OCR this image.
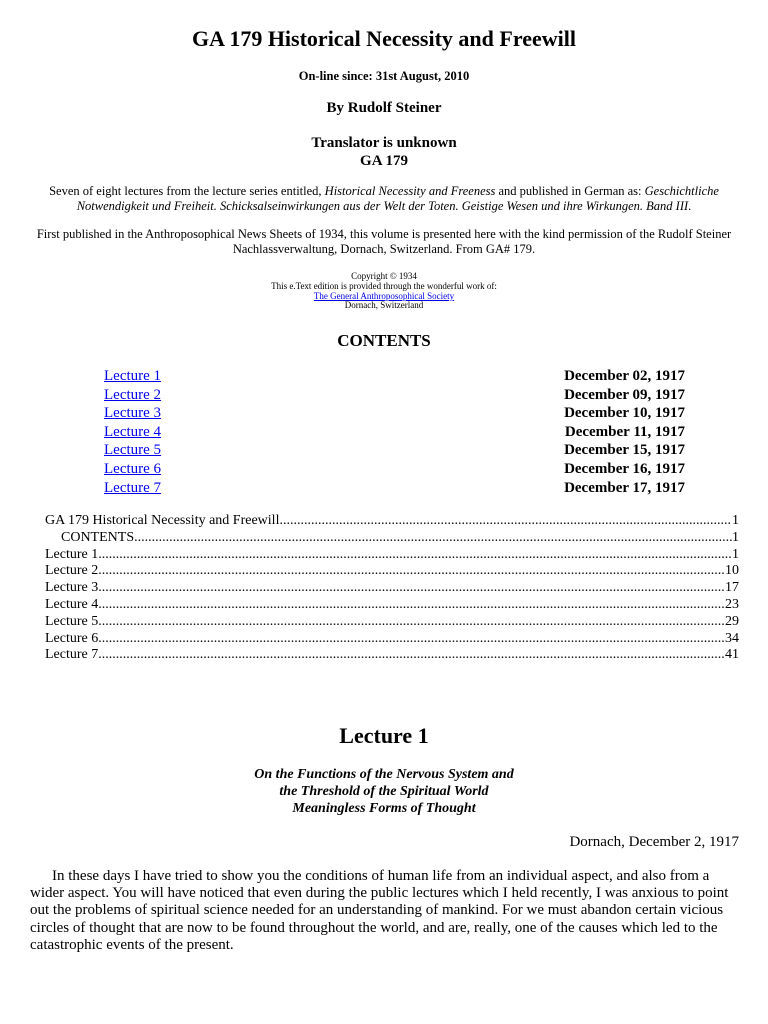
GA 179 Historical Necessity and Freewill
On-line since: 31st August, 2010
By Rudolf Steiner
Translator is unknown
GA 179
Seven of eight lectures from the lecture series entitled, Historical Necessity and Freeness and published in German as: Geschichtliche Notwendigkeit und Freiheit. Schicksalseinwirkungen aus der Welt der Toten. Geistige Wesen und ihre Wirkungen. Band III.
First published in the Anthroposophical News Sheets of 1934, this volume is presented here with the kind permission of the Rudolf Steiner Nachlassverwaltung, Dornach, Switzerland. From GA# 179.
Copyright © 1934
This e.Text edition is provided through the wonderful work of:
The General Anthroposophical Society
Dornach, Switzerland
CONTENTS
Lecture 1	December 02, 1917
Lecture 2	December 09, 1917
Lecture 3	December 10, 1917
Lecture 4	December 11, 1917
Lecture 5	December 15, 1917
Lecture 6	December 16, 1917
Lecture 7	December 17, 1917
GA 179 Historical Necessity and Freewill .....	1
CONTENTS .....	1
Lecture 1 .....	1
Lecture 2 .....	10
Lecture 3 .....	17
Lecture 4 .....	23
Lecture 5 .....	29
Lecture 6 .....	34
Lecture 7 .....	41
Lecture 1
On the Functions of the Nervous System and
the Threshold of the Spiritual World
Meaningless Forms of Thought
Dornach, December 2, 1917

In these days I have tried to show you the conditions of human life from an individual aspect, and also from a wider aspect. You will have noticed that even during the public lectures which I held recently, I was anxious to point out the problems of spiritual science needed for an understanding of mankind. For we must abandon certain vicious circles of thought that are now to be found throughout the world, and are, really, one of the causes which led to the catastrophic events of the present.
